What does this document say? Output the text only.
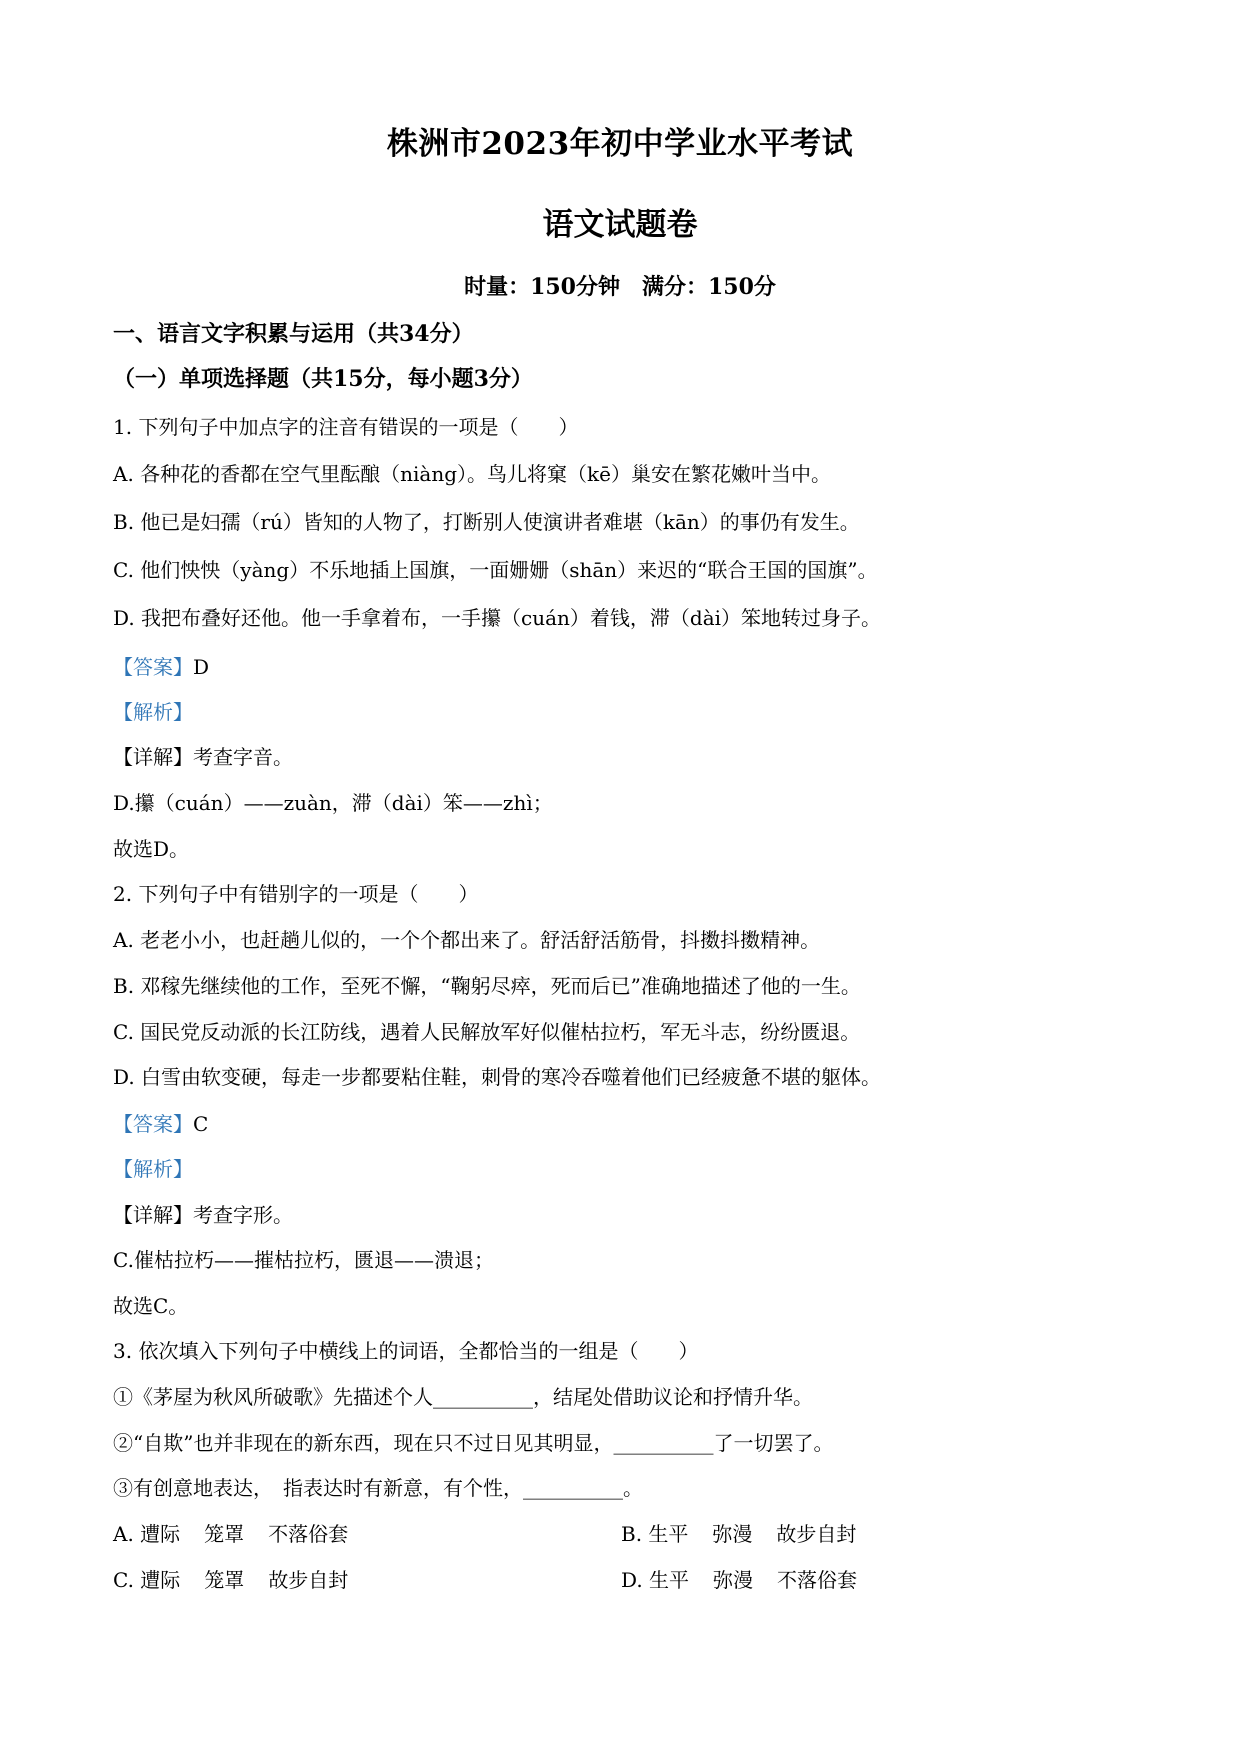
株洲市2023年初中学业水平考试
语文试题卷
时量：150分钟　满分：150分
一、语言文字积累与运用（共34分）
（一）单项选择题（共15分，每小题3分）
1. 下列句子中加点字的注音有错误的一项是（　　）
A. 各种花的香都在空气里酝酿（niàng）。鸟儿将窠（kē）巢安在繁花嫩叶当中。
B. 他已是妇孺（rú）皆知的人物了，打断别人使演讲者难堪（kān）的事仍有发生。
C. 他们怏怏（yàng）不乐地插上国旗，一面姗姗（shān）来迟的“联合王国的国旗”。
D. 我把布叠好还他。他一手拿着布，一手攥（cuán）着钱，滞（dài）笨地转过身子。
【答案】D
【解析】
【详解】考查字音。
D.攥（cuán）——zuàn，滞（dài）笨——zhì；
故选D。
2. 下列句子中有错别字的一项是（　　）
A. 老老小小，也赶趟儿似的，一个个都出来了。舒活舒活筋骨，抖擞抖擞精神。
B. 邓稼先继续他的工作，至死不懈，“鞠躬尽瘁，死而后已”准确地描述了他的一生。
C. 国民党反动派的长江防线，遇着人民解放军好似催枯拉朽，军无斗志，纷纷匮退。
D. 白雪由软变硬，每走一步都要粘住鞋，刺骨的寒冷吞噬着他们已经疲惫不堪的躯体。
【答案】C
【解析】
【详解】考查字形。
C.催枯拉朽——摧枯拉朽，匮退——溃退；
故选C。
3. 依次填入下列句子中横线上的词语，全都恰当的一组是（　　）
①《茅屋为秋风所破歌》先描述个人__________，结尾处借助议论和抒情升华。
②“自欺”也并非现在的新东西，现在只不过日见其明显，__________了一切罢了。
③有创意地表达，　指表达时有新意，有个性，__________。
A. 遭际 笼罩 不落俗套	B. 生平 弥漫 故步自封
C. 遭际 笼罩 故步自封	D. 生平 弥漫 不落俗套
